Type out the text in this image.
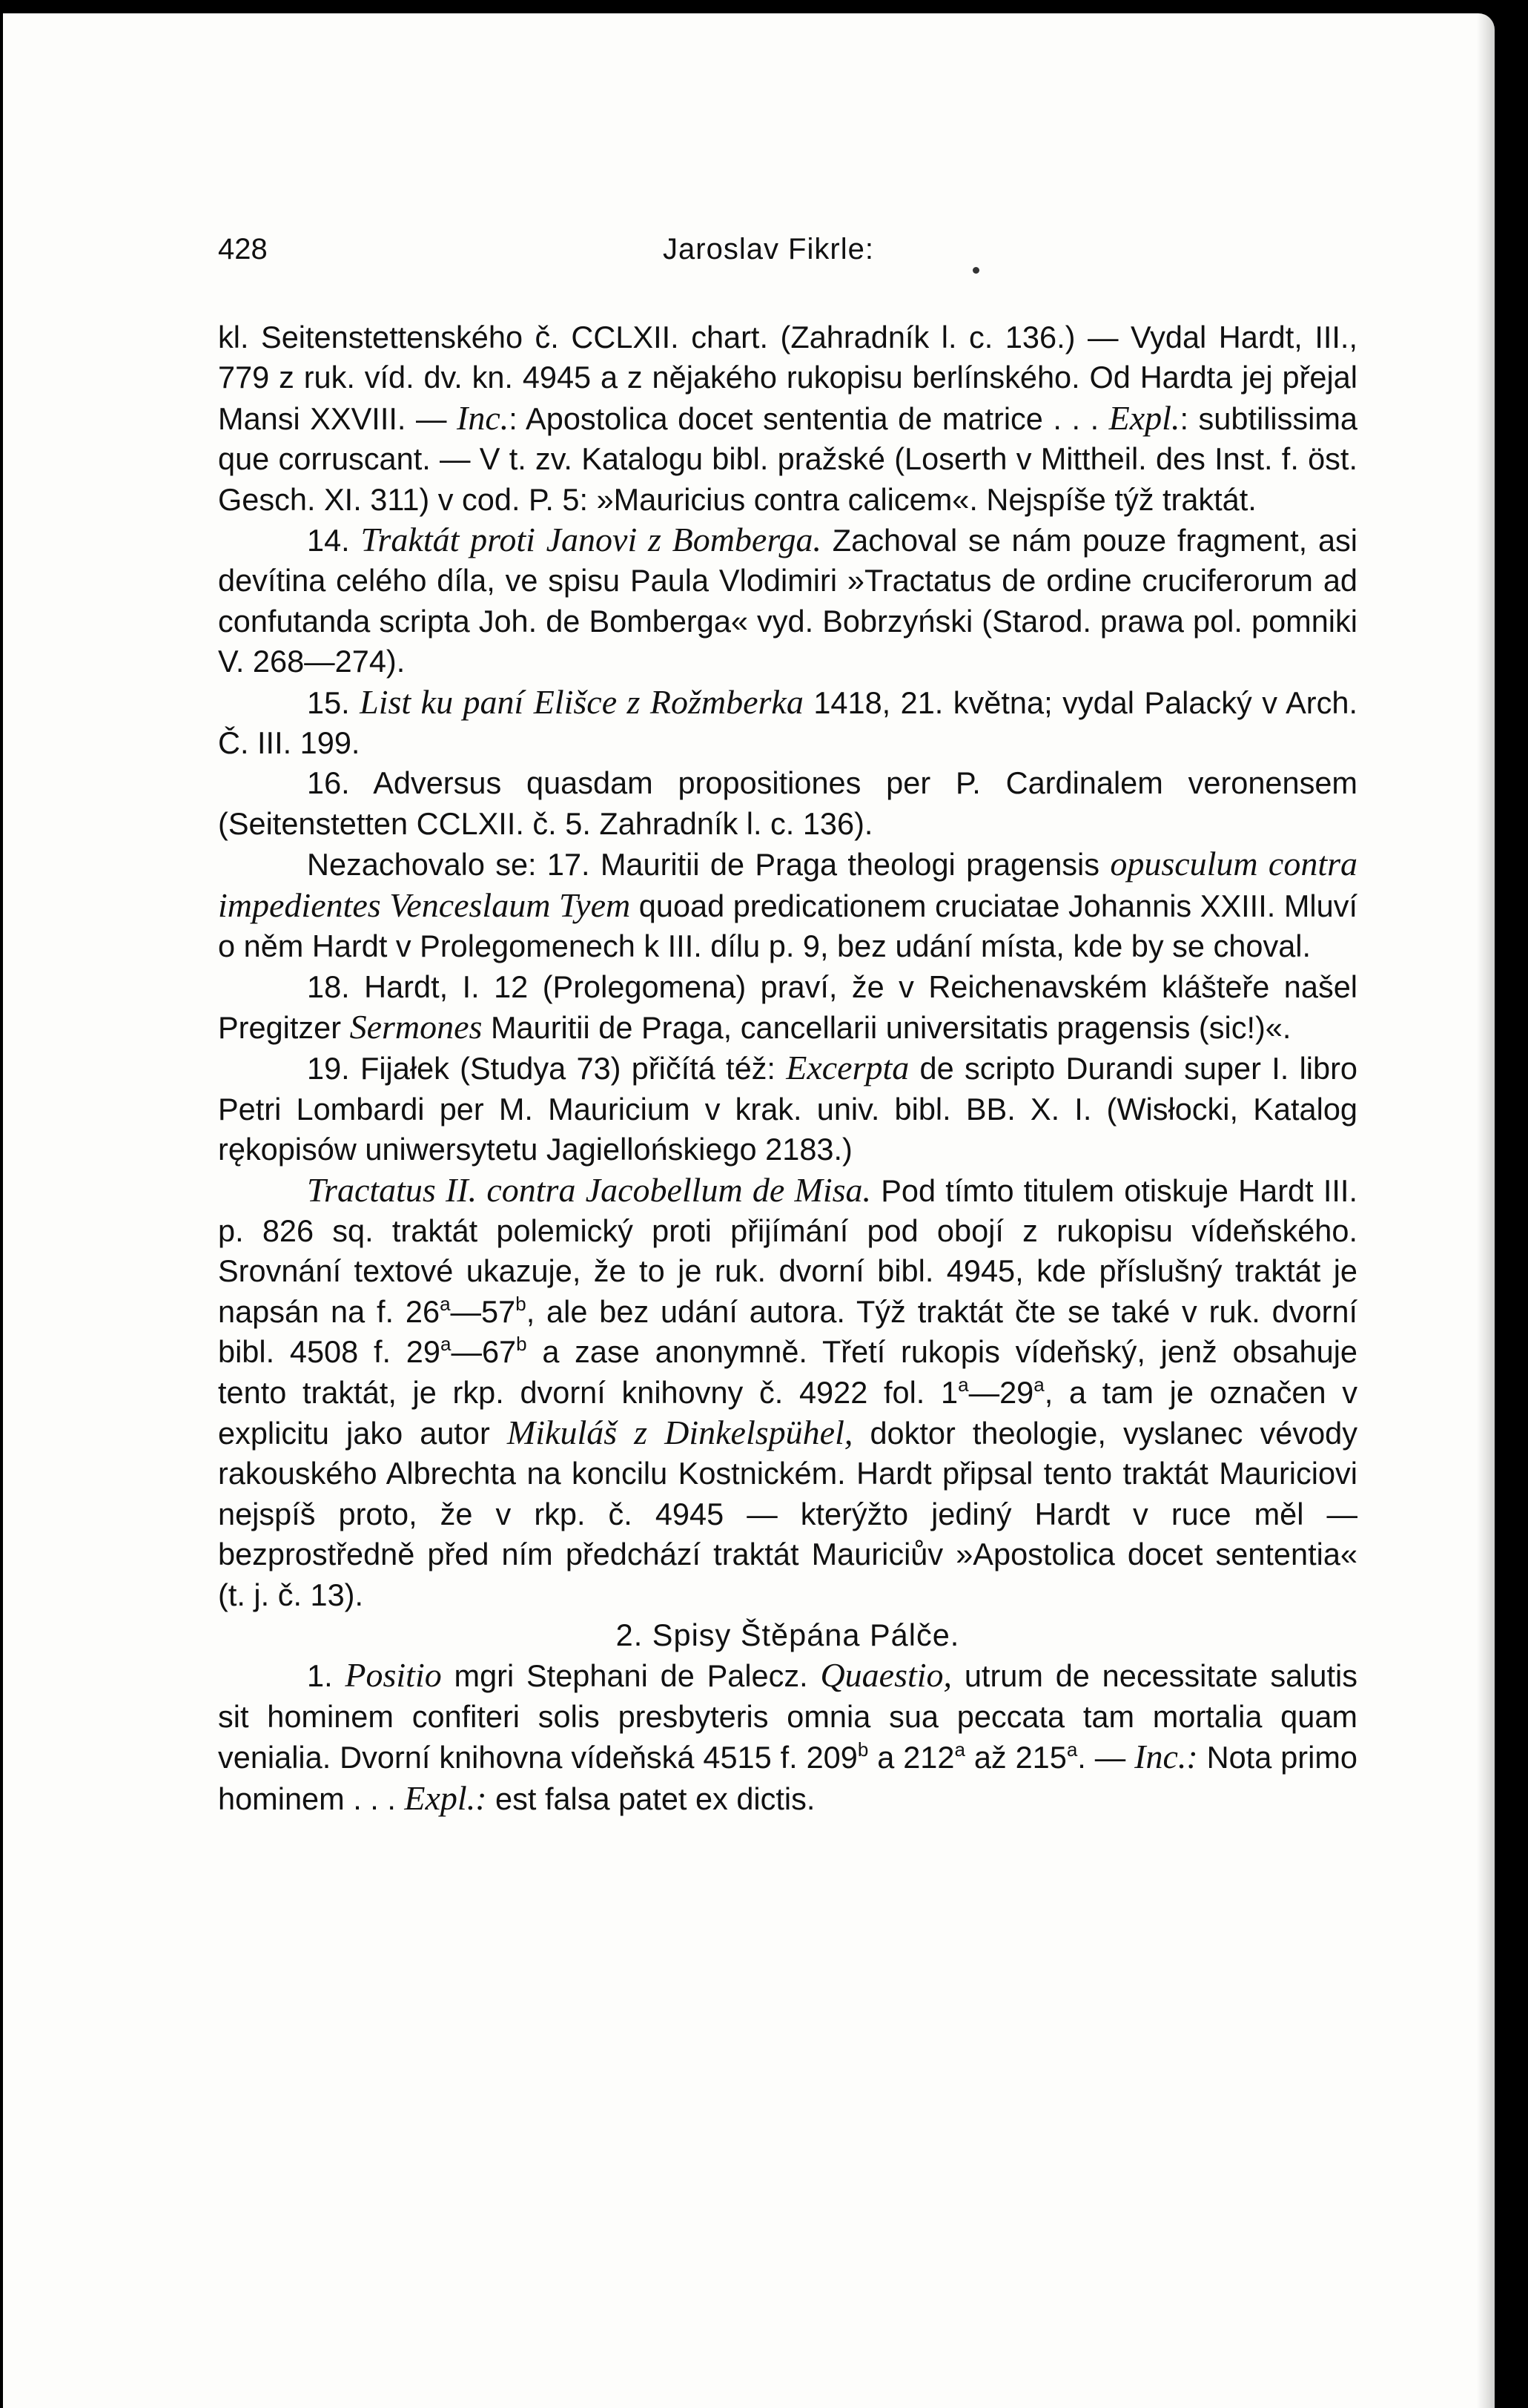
428	Jaroslav Fikrle:

kl. Seitenstettenského č. CCLXII. chart. (Zahradník l. c. 136.) — Vydal Hardt, III., 779 z ruk. víd. dv. kn. 4945 a z nějakého rukopisu berlínského. Od Hardta jej přejal Mansi XXVIII. — Inc.: Apostolica docet sententia de matrice . . . Expl.: subtilissima que corruscant. — V t. zv. Katalogu bibl. pražské (Loserth v Mittheil. des Inst. f. öst. Gesch. XI. 311) v cod. P. 5: »Mauricius contra calicem«. Nejspíše týž traktát.

14. Traktát proti Janovi z Bomberga. Zachoval se nám pouze fragment, asi devítina celého díla, ve spisu Paula Vlodimiri »Tractatus de ordine cruciferorum ad confutanda scripta Joh. de Bomberga« vyd. Bobrzyński (Starod. prawa pol. pomniki V. 268—274).

15. List ku paní Elišce z Rožmberka 1418, 21. května; vydal Palacký v Arch. Č. III. 199.

16. Adversus quasdam propositiones per P. Cardinalem veronensem (Seitenstetten CCLXII. č. 5. Zahradník l. c. 136).

Nezachovalo se: 17. Mauritii de Praga theologi pragensis opusculum contra impedientes Venceslaum Tyem quoad predicationem cruciatae Johannis XXIII. Mluví o něm Hardt v Prolegomenech k III. dílu p. 9, bez udání místa, kde by se choval.

18. Hardt, I. 12 (Prolegomena) praví, že v Reichenavském klášteře našel Pregitzer Sermones Mauritii de Praga, cancellarii universitatis pragensis (sic!)«.

19. Fijałek (Studya 73) přičítá též: Excerpta de scripto Durandi super I. libro Petri Lombardi per M. Mauricium v krak. univ. bibl. BB. X. I. (Wisłocki, Katalog rękopisów uniwersytetu Jagiellońskiego 2183.)

Tractatus II. contra Jacobellum de Misa. Pod tímto titulem otiskuje Hardt III. p. 826 sq. traktát polemický proti přijímání pod obojí z rukopisu vídeňského. Srovnání textové ukazuje, že to je ruk. dvorní bibl. 4945, kde příslušný traktát je napsán na f. 26$^a$—57$^b$, ale bez udání autora. Týž traktát čte se také v ruk. dvorní bibl. 4508 f. 29$^a$—67$^b$ a zase anonymně. Třetí rukopis vídeňský, jenž obsahuje tento traktát, je rkp. dvorní knihovny č. 4922 fol. 1$^a$—29$^a$, a tam je označen v explicitu jako autor Mikuláš z Dinkelspühel, doktor theologie, vyslanec vévody rakouského Albrechta na koncilu Kostnickém. Hardt připsal tento traktát Mauriciovi nejspíš proto, že v rkp. č. 4945 — kterýžto jediný Hardt v ruce měl — bezprostředně před ním předchází traktát Mauriciův »Apostolica docet sententia« (t. j. č. 13).

2. Spisy Štěpána Pálče.

1. Positio mgri Stephani de Palecz. Quaestio, utrum de necessitate salutis sit hominem confiteri solis presbyteris omnia sua peccata tam mortalia quam venialia. Dvorní knihovna vídeňská 4515 f. 209$^b$ a 212$^a$ až 215$^a$. — Inc.: Nota primo hominem . . . Expl.: est falsa patet ex dictis.
